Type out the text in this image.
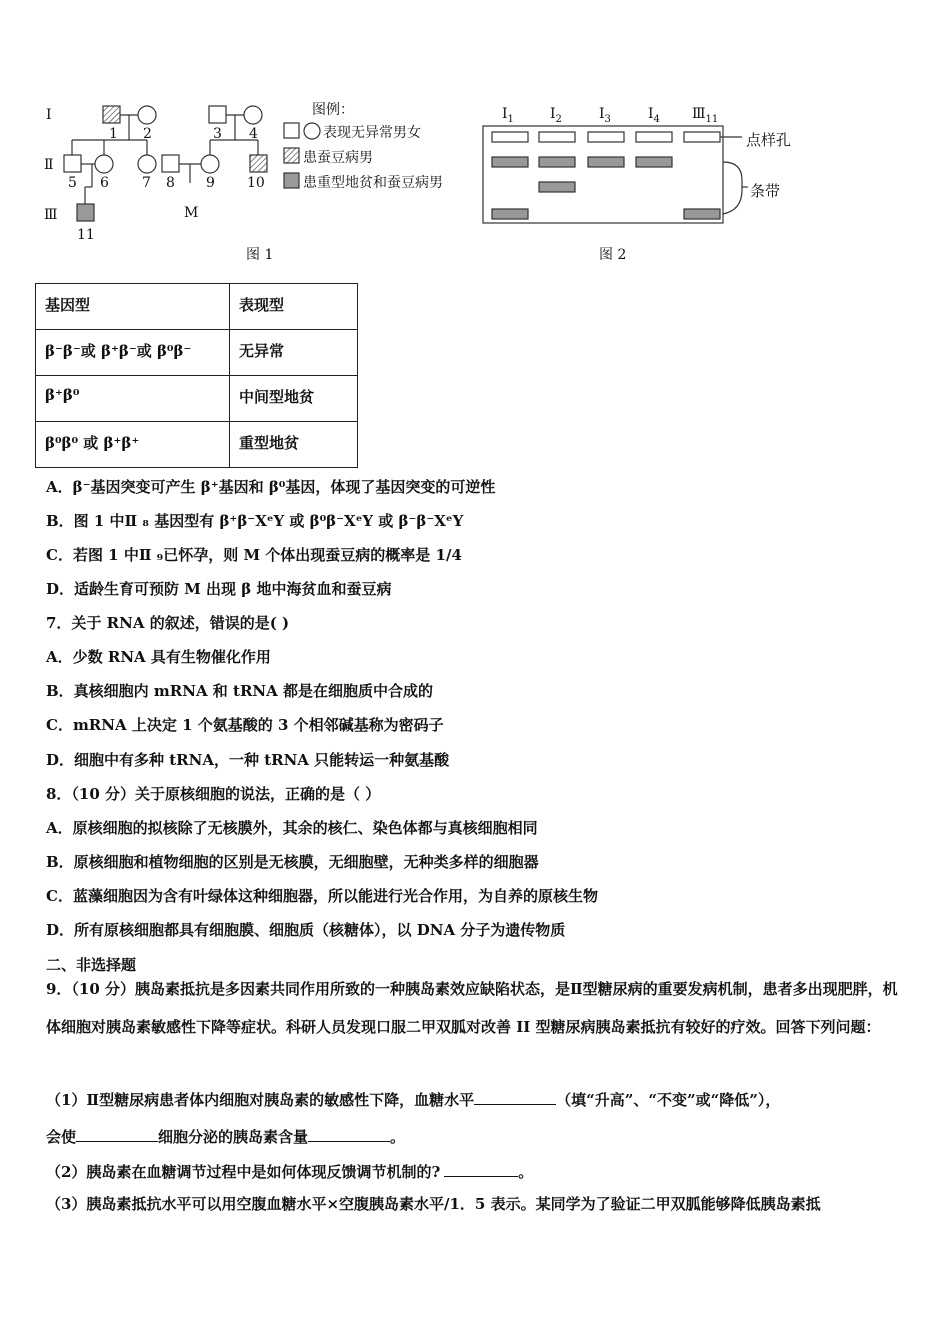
Ⅰ
Ⅱ
Ⅲ
1 2	3 4
5 6 7 8 9 10
11
M
图例：
表现无异常男女
患蚕豆病男
患重型地贫和蚕豆病男
图 1
$I_1$	$I_2$	$I_3$	$I_4$ $Ⅲ_{11}$
点样孔
条带
图 2
基因型	表现型
β⁻β⁻或 β⁺β⁻或 β⁰β⁻	无异常
β⁺β⁰	中间型地贫
β⁰β⁰ 或 β⁺β⁺	重型地贫
A．β⁻基因突变可产生 β⁺基因和 β⁰基因，体现了基因突变的可逆性
B．图 1 中Ⅱ ₈ 基因型有 β⁺β⁻XᵉY 或 β⁰β⁻XᵉY 或 β⁻β⁻XᵉY
C．若图 1 中Ⅱ ₉已怀孕，则 M 个体出现蚕豆病的概率是 1/4
D．适龄生育可预防 M 出现 β 地中海贫血和蚕豆病
7．关于 RNA 的叙述，错误的是( )
A．少数 RNA 具有生物催化作用
B．真核细胞内 mRNA 和 tRNA 都是在细胞质中合成的
C．mRNA 上决定 1 个氨基酸的 3 个相邻碱基称为密码子
D．细胞中有多种 tRNA，一种 tRNA 只能转运一种氨基酸
8．（10 分）关于原核细胞的说法，正确的是（ ）
A．原核细胞的拟核除了无核膜外，其余的核仁、染色体都与真核细胞相同
B．原核细胞和植物细胞的区别是无核膜，无细胞壁，无种类多样的细胞器
C．蓝藻细胞因为含有叶绿体这种细胞器，所以能进行光合作用，为自养的原核生物
D．所有原核细胞都具有细胞膜、细胞质（核糖体），以 DNA 分子为遗传物质
二、非选择题
9．（10 分）胰岛素抵抗是多因素共同作用所致的一种胰岛素效应缺陷状态，是Ⅱ型糖尿病的重要发病机制，患者多出现肥胖，机体细胞对胰岛素敏感性下降等症状。科研人员发现口服二甲双胍对改善 II 型糖尿病胰岛素抵抗有较好的疗效。回答下列问题：
（1）Ⅱ型糖尿病患者体内细胞对胰岛素的敏感性下降，血糖水平	（填“升高”、“不变”或“降低”），
会使	细胞分泌的胰岛素含量	。
（2）胰岛素在血糖调节过程中是如何体现反馈调节机制的?	。
（3）胰岛素抵抗水平可以用空腹血糖水平×空腹胰岛素水平/1．5 表示。某同学为了验证二甲双胍能够降低胰岛素抵
